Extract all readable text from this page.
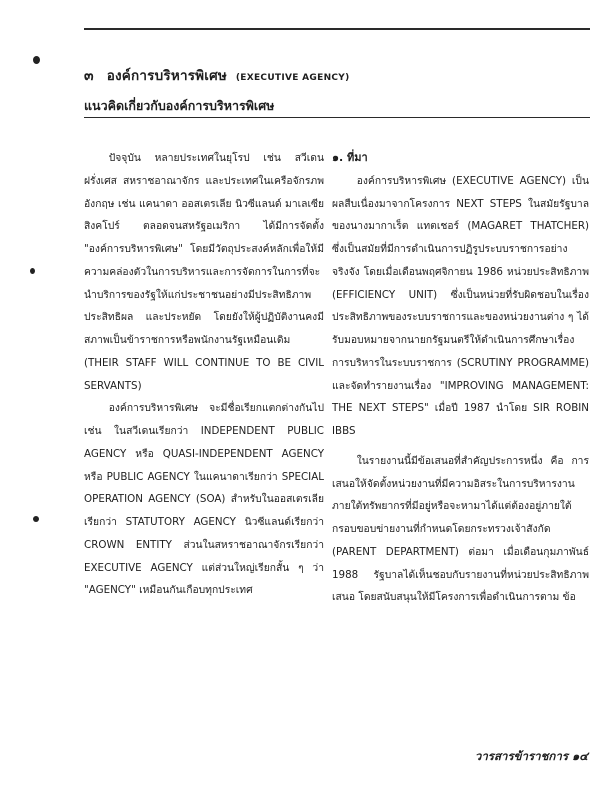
๓ องค์การบริหารพิเศษ (EXECUTIVE AGENCY)
แนวคิดเกี่ยวกับองค์การบริหารพิเศษ

ปัจจุบัน หลายประเทศในยุโรป เช่น สวีเดน ฝรั่งเศส สหราชอาณาจักร และประเทศในเครือจักรภพอังกฤษ เช่น แคนาดา ออสเตรเลีย นิวซีแลนด์ มาเลเซีย สิงคโปร์ ตลอดจนสหรัฐอเมริกา ได้มีการจัดตั้ง "องค์การบริหารพิเศษ" โดยมีวัตถุประสงค์หลักเพื่อให้มีความคล่องตัวในการบริหารและการจัดการในการที่จะนำบริการของรัฐให้แก่ประชาชนอย่างมีประสิทธิภาพ ประสิทธิผล และประหยัด โดยยังให้ผู้ปฏิบัติงานคงมีสภาพเป็นข้าราชการหรือพนักงานรัฐเหมือนเดิม (THEIR STAFF WILL CONTINUE TO BE CIVIL SERVANTS)

องค์การบริหารพิเศษ จะมีชื่อเรียกแตกต่างกันไป เช่น ในสวีเดนเรียกว่า INDEPENDENT PUBLIC AGENCY หรือ QUASI-INDEPENDENT AGENCY หรือ PUBLIC AGENCY ในแคนาดาเรียกว่า SPECIAL OPERATION AGENCY (SOA) สำหรับในออสเตรเลียเรียกว่า STATUTORY AGENCY นิวซีแลนด์เรียกว่า CROWN ENTITY ส่วนในสหราชอาณาจักรเรียกว่า EXECUTIVE AGENCY แต่ส่วนใหญ่เรียกสั้น ๆ ว่า "AGENCY" เหมือนกันเกือบทุกประเทศ

๑. ที่มา

องค์การบริหารพิเศษ (EXECUTIVE AGENCY) เป็นผลสืบเนื่องมาจากโครงการ NEXT STEPS ในสมัยรัฐบาลของนางมากาเร็ต แทตเชอร์ (MAGARET THATCHER) ซึ่งเป็นสมัยที่มีการดำเนินการปฏิรูประบบราชการอย่างจริงจัง โดยเมื่อเดือนพฤศจิกายน 1986 หน่วยประสิทธิภาพ (EFFICIENCY UNIT) ซึ่งเป็นหน่วยที่รับผิดชอบในเรื่องประสิทธิภาพของระบบราชการและของหน่วยงานต่าง ๆ ได้รับมอบหมายจากนายกรัฐมนตรีให้ดำเนินการศึกษาเรื่องการบริหารในระบบราชการ (SCRUTINY PROGRAMME) และจัดทำรายงานเรื่อง "IMPROVING MANAGEMENT: THE NEXT STEPS" เมื่อปี 1987 นำโดย SIR ROBIN IBBS

ในรายงานนี้มีข้อเสนอที่สำคัญประการหนึ่ง คือ การเสนอให้จัดตั้งหน่วยงานที่มีความอิสระในการบริหารงานภายใต้ทรัพยากรที่มีอยู่หรือจะหามาได้แต่ต้องอยู่ภายใต้กรอบขอบข่ายงานที่กำหนดโดยกระทรวงเจ้าสังกัด (PARENT DEPARTMENT) ต่อมา เมื่อเดือนกุมภาพันธ์ 1988 รัฐบาลได้เห็นชอบกับรายงานที่หน่วยประสิทธิภาพเสนอ โดยสนับสนุนให้มีโครงการเพื่อดำเนินการตาม ข้อ

วารสารข้าราชการ ๑๔
